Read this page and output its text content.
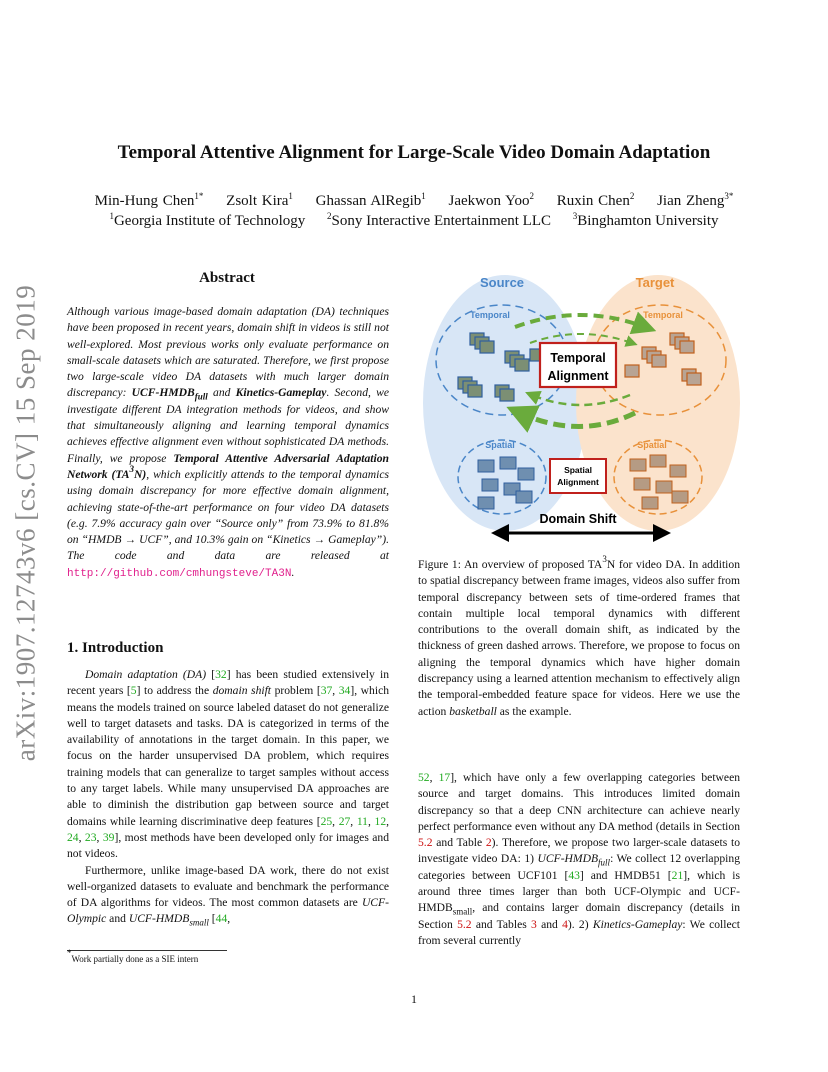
arXiv:1907.12743v6 [cs.CV] 15 Sep 2019
Temporal Attentive Alignment for Large-Scale Video Domain Adaptation
Min-Hung Chen$^{1*}$ Zsolt Kira$^1$ Ghassan AlRegib$^1$ Jaekwon Yoo$^2$ Ruxin Chen$^2$ Jian Zheng$^{3*}$
$^1$Georgia Institute of Technology $^2$Sony Interactive Entertainment LLC $^3$Binghamton University
Abstract
Although various image-based domain adaptation (DA) techniques have been proposed in recent years, domain shift in videos is still not well-explored. Most previous works only evaluate performance on small-scale datasets which are saturated. Therefore, we first propose two large-scale video DA datasets with much larger domain discrepancy: UCF-$HMDB_{full}$ and Kinetics-Gameplay. Second, we investigate different DA integration methods for videos, and show that simultaneously aligning and learning temporal dynamics achieves effective alignment even without sophisticated DA methods. Finally, we propose Temporal Attentive Adversarial Adaptation Network $(TA^3N)$, which explicitly attends to the temporal dynamics using domain discrepancy for more effective domain alignment, achieving state-of-the-art performance on four video DA datasets (e.g. 7.9% accuracy gain over “Source only” from 73.9% to 81.8% on “HMDB → UCF”, and 10.3% gain on “Kinetics → Gameplay”). The code and data are released at http://github.com/cmhungsteve/TA3N.
1. Introduction

Domain adaptation (DA) [32] has been studied extensively in recent years [5] to address the domain shift problem [37, 34], which means the models trained on source labeled dataset do not generalize well to target datasets and tasks. DA is categorized in terms of the availability of annotations in the target domain. In this paper, we focus on the harder unsupervised DA problem, which requires training models that can generalize to target samples without access to any target labels. While many unsupervised DA approaches are able to diminish the distribution gap between source and target domains while learning discriminative deep features [25, 27, 11, 12, 24, 23, 39], most methods have been developed only for images and not videos.

Furthermore, unlike image-based DA work, there do not exist well-organized datasets to evaluate and benchmark the performance of DA algorithms for videos. The most common datasets are UCF-Olympic and UCF-$HMDB_{small}$ [44,

*Work partially done as a SIE intern
1
Source	Target
Temporal	Temporal
Spatial	Spatial
Temporal
Alignment
Spatial
Alignment
Domain Shift
Figure 1: An overview of proposed $TA^3N$ for video DA. In addition to spatial discrepancy between frame images, videos also suffer from temporal discrepancy between sets of time-ordered frames that contain multiple local temporal dynamics with different contributions to the overall domain shift, as indicated by the thickness of green dashed arrows. Therefore, we propose to focus on aligning the temporal dynamics which have higher domain discrepancy using a learned attention mechanism to effectively align the temporal-embedded feature space for videos. Here we use the action basketball as the example.
52, 17], which have only a few overlapping categories between source and target domains. This introduces limited domain discrepancy so that a deep CNN architecture can achieve nearly perfect performance even without any DA method (details in Section 5.2 and Table 2). Therefore, we propose two larger-scale datasets to investigate video DA: 1) UCF-$HMDB_{full}$: We collect 12 overlapping categories between UCF101 [43] and HMDB51 [21], which is around three times larger than both UCF-Olympic and UCF-$HMDB_{small}$, and contains larger domain discrepancy (details in Section 5.2 and Tables 3 and 4). 2) Kinetics-Gameplay: We collect from several currently
